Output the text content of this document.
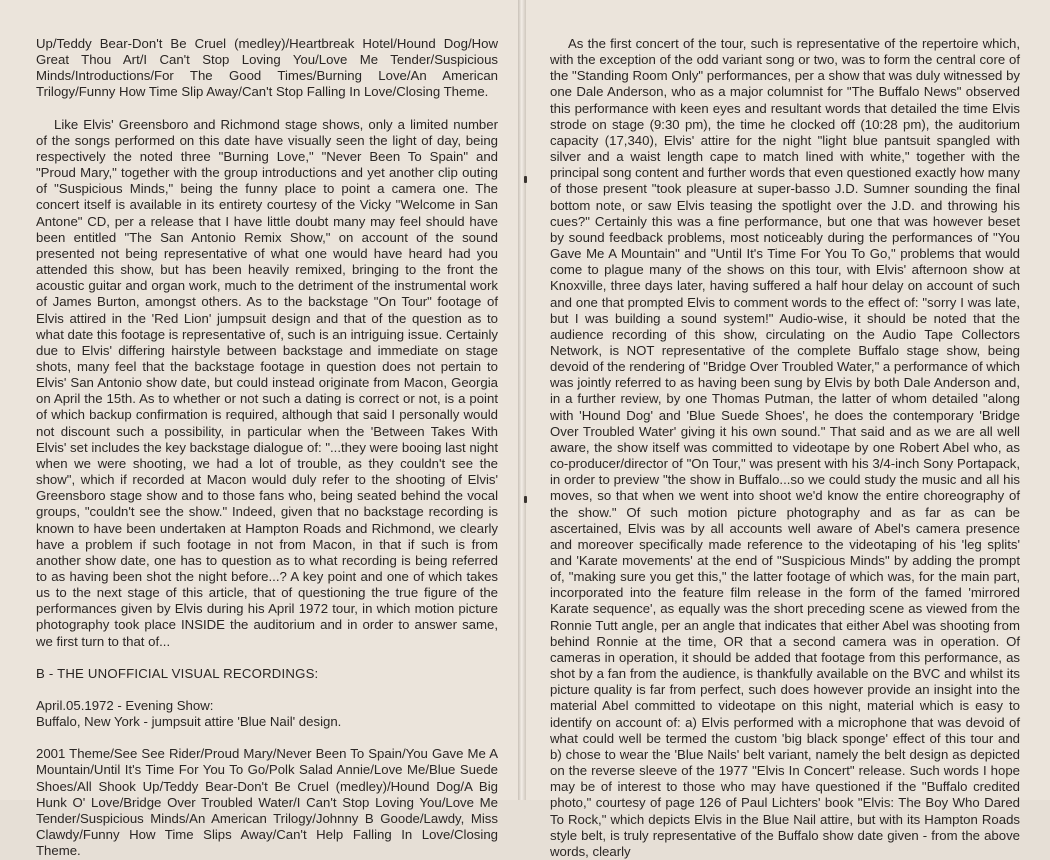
Up/Teddy Bear-Don't Be Cruel (medley)/Heartbreak Hotel/Hound Dog/How Great Thou Art/I Can't Stop Loving You/Love Me Tender/Suspicious Minds/Introductions/For The Good Times/Burning Love/An American Trilogy/Funny How Time Slip Away/Can't Stop Falling In Love/Closing Theme.

Like Elvis' Greensboro and Richmond stage shows, only a limited number of the songs performed on this date have visually seen the light of day, being respectively the noted three "Burning Love," "Never Been To Spain" and "Proud Mary," together with the group introductions and yet another clip outing of "Suspicious Minds," being the funny place to point a camera one. The concert itself is available in its entirety courtesy of the Vicky "Welcome in San Antone" CD, per a release that I have little doubt many may feel should have been entitled "The San Antonio Remix Show," on account of the sound presented not being representative of what one would have heard had you attended this show, but has been heavily remixed, bringing to the front the acoustic guitar and organ work, much to the detriment of the instrumental work of James Burton, amongst others. As to the backstage "On Tour" footage of Elvis attired in the 'Red Lion' jumpsuit design and that of the question as to what date this footage is representative of, such is an intriguing issue. Certainly due to Elvis' differing hairstyle between backstage and immediate on stage shots, many feel that the backstage footage in question does not pertain to Elvis' San Antonio show date, but could instead originate from Macon, Georgia on April the 15th. As to whether or not such a dating is correct or not, is a point of which backup confirmation is required, although that said I personally would not discount such a possibility, in particular when the 'Between Takes With Elvis' set includes the key backstage dialogue of: "...they were booing last night when we were shooting, we had a lot of trouble, as they couldn't see the show", which if recorded at Macon would duly refer to the shooting of Elvis' Greensboro stage show and to those fans who, being seated behind the vocal groups, "couldn't see the show." Indeed, given that no backstage recording is known to have been undertaken at Hampton Roads and Richmond, we clearly have a problem if such footage in not from Macon, in that if such is from another show date, one has to question as to what recording is being referred to as having been shot the night before...? A key point and one of which takes us to the next stage of this article, that of questioning the true figure of the performances given by Elvis during his April 1972 tour, in which motion picture photography took place INSIDE the auditorium and in order to answer same, we first turn to that of...

B - THE UNOFFICIAL VISUAL RECORDINGS:

April.05.1972 - Evening Show:

Buffalo, New York - jumpsuit attire 'Blue Nail' design.

2001 Theme/See See Rider/Proud Mary/Never Been To Spain/You Gave Me A Mountain/Until It's Time For You To Go/Polk Salad Annie/Love Me/Blue Suede Shoes/All Shook Up/Teddy Bear-Don't Be Cruel (medley)/Hound Dog/A Big Hunk O' Love/Bridge Over Troubled Water/I Can't Stop Loving You/Love Me Tender/Suspicious Minds/An American Trilogy/Johnny B Goode/Lawdy, Miss Clawdy/Funny How Time Slips Away/Can't Help Falling In Love/Closing Theme.

As the first concert of the tour, such is representative of the repertoire which, with the exception of the odd variant song or two, was to form the central core of the "Standing Room Only" performances, per a show that was duly witnessed by one Dale Anderson, who as a major columnist for "The Buffalo News" observed this performance with keen eyes and resultant words that detailed the time Elvis strode on stage (9:30 pm), the time he clocked off (10:28 pm), the auditorium capacity (17,340), Elvis' attire for the night "light blue pantsuit spangled with silver and a waist length cape to match lined with white," together with the principal song content and further words that even questioned exactly how many of those present "took pleasure at super-basso J.D. Sumner sounding the final bottom note, or saw Elvis teasing the spotlight over the J.D. and throwing his cues?" Certainly this was a fine performance, but one that was however beset by sound feedback problems, most noticeably during the performances of "You Gave Me A Mountain" and "Until It's Time For You To Go," problems that would come to plague many of the shows on this tour, with Elvis' afternoon show at Knoxville, three days later, having suffered a half hour delay on account of such and one that prompted Elvis to comment words to the effect of: "sorry I was late, but I was building a sound system!" Audio-wise, it should be noted that the audience recording of this show, circulating on the Audio Tape Collectors Network, is NOT representative of the complete Buffalo stage show, being devoid of the rendering of "Bridge Over Troubled Water," a performance of which was jointly referred to as having been sung by Elvis by both Dale Anderson and, in a further review, by one Thomas Putman, the latter of whom detailed "along with 'Hound Dog' and 'Blue Suede Shoes', he does the contemporary 'Bridge Over Troubled Water' giving it his own sound." That said and as we are all well aware, the show itself was committed to videotape by one Robert Abel who, as co-producer/director of "On Tour," was present with his 3/4-inch Sony Portapack, in order to preview "the show in Buffalo...so we could study the music and all his moves, so that when we went into shoot we'd know the entire choreography of the show." Of such motion picture photography and as far as can be ascertained, Elvis was by all accounts well aware of Abel's camera presence and moreover specifically made reference to the videotaping of his 'leg splits' and 'Karate movements' at the end of "Suspicious Minds" by adding the prompt of, "making sure you get this," the latter footage of which was, for the main part, incorporated into the feature film release in the form of the famed 'mirrored Karate sequence', as equally was the short preceding scene as viewed from the Ronnie Tutt angle, per an angle that indicates that either Abel was shooting from behind Ronnie at the time, OR that a second camera was in operation. Of cameras in operation, it should be added that footage from this performance, as shot by a fan from the audience, is thankfully available on the BVC and whilst its picture quality is far from perfect, such does however provide an insight into the material Abel committed to videotape on this night, material which is easy to identify on account of: a) Elvis performed with a microphone that was devoid of what could well be termed the custom 'big black sponge' effect of this tour and b) chose to wear the 'Blue Nails' belt variant, namely the belt design as depicted on the reverse sleeve of the 1977 "Elvis In Concert" release. Such words I hope may be of interest to those who may have questioned if the "Buffalo credited photo," courtesy of page 126 of Paul Lichters' book "Elvis: The Boy Who Dared To Rock," which depicts Elvis in the Blue Nail attire, but with its Hampton Roads style belt, is truly representative of the Buffalo show date given - from the above words, clearly
